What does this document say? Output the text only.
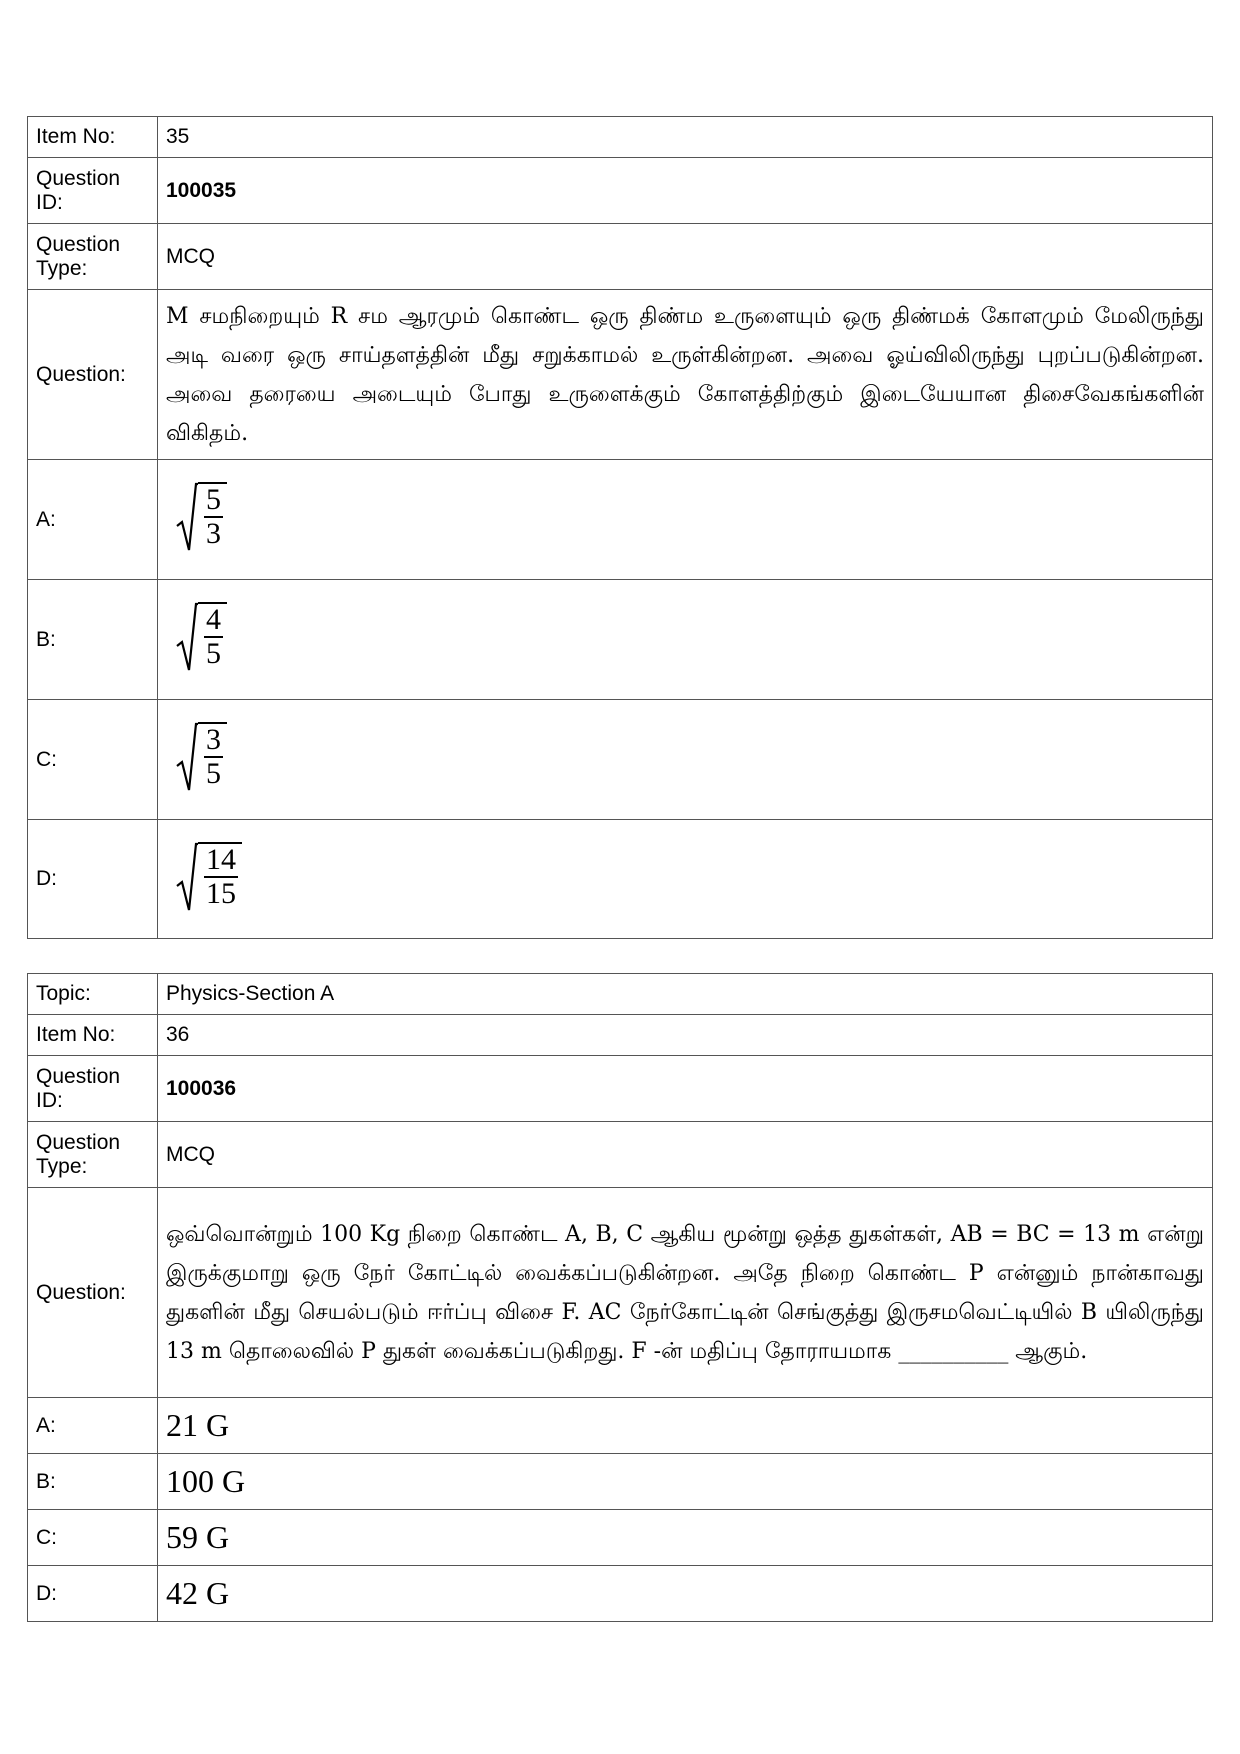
Item No:	35
Question ID:	100035
Question Type:	MCQ
Question:	M சமநிறையும் R சம ஆரமும் கொண்ட ஒரு திண்ம உருளையும் ஒரு திண்மக் கோளமும் மேலிருந்து அடி வரை ஒரு சாய்தளத்தின் மீது சறுக்காமல் உருள்கின்றன. அவை ஓய்விலிருந்து புறப்படுகின்றன. அவை தரையை அடையும் போது உருளைக்கும் கோளத்திற்கும் இடையேயான திசைவேகங்களின் விகிதம்.
A:	$\frac{5}{3}$

B:	$\frac{4}{5}$

C:	$\frac{3}{5}$

D:	$\frac{14}{15}$
Topic:	Physics-Section A
Item No:	36
Question ID:	100036
Question Type:	MCQ
Question:	ஒவ்வொன்றும் 100 Kg நிறை கொண்ட A, B, C ஆகிய மூன்று ஒத்த துகள்கள், AB = BC = 13 m என்று இருக்குமாறு ஒரு நேர் கோட்டில் வைக்கப்படுகின்றன. அதே நிறை கொண்ட P என்னும் நான்காவது துகளின் மீது செயல்படும் ஈர்ப்பு விசை F. AC நேர்கோட்டின் செங்குத்து இருசமவெட்டியில் B யிலிருந்து 13 m தொலைவில் P துகள் வைக்கப்படுகிறது. F -ன் மதிப்பு தோராயமாக __________ ஆகும்.
A:	21 G
B:	100 G
C:	59 G
D:	42 G
